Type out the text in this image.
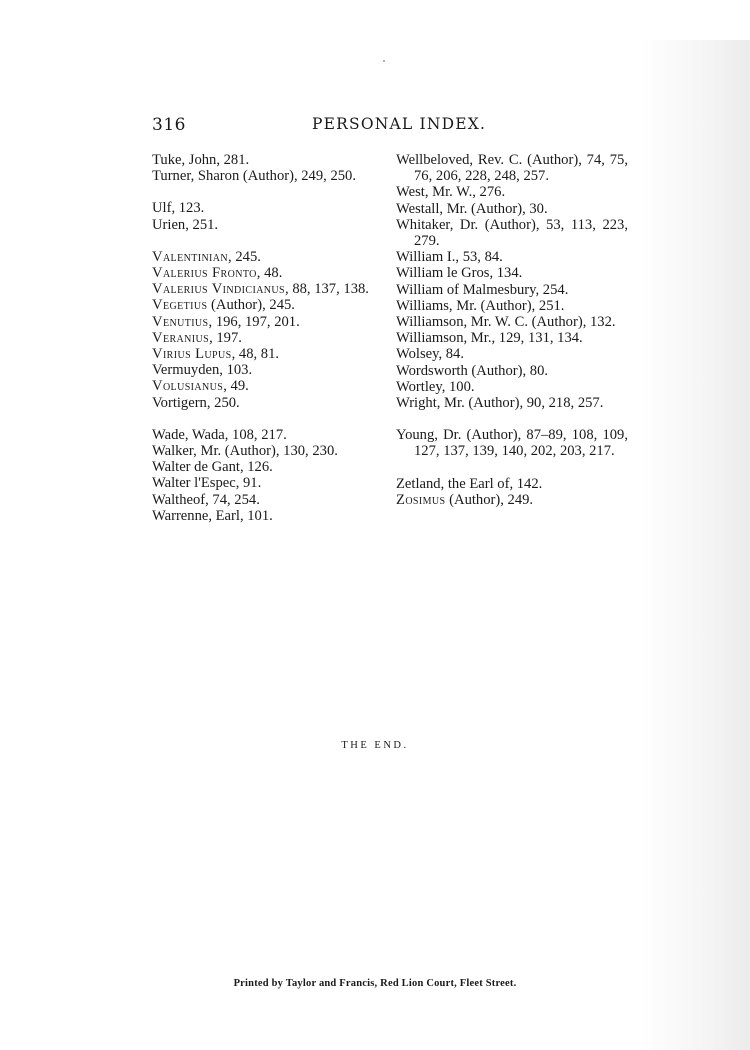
316	PERSONAL INDEX.
Tuke, John, 281.
Turner, Sharon (Author), 249, 250.
Ulf, 123.
Urien, 251.
Valentinian, 245.
Valerius Fronto, 48.
Valerius Vindicianus, 88, 137, 138.
Vegetius (Author), 245.
Venutius, 196, 197, 201.
Veranius, 197.
Virius Lupus, 48, 81.
Vermuyden, 103.
Volusianus, 49.
Vortigern, 250.
Wade, Wada, 108, 217.
Walker, Mr. (Author), 130, 230.
Walter de Gant, 126.
Walter l'Espec, 91.
Waltheof, 74, 254.
Warrenne, Earl, 101.
Wellbeloved, Rev. C. (Author), 74, 75, 76, 206, 228, 248, 257.
West, Mr. W., 276.
Westall, Mr. (Author), 30.
Whitaker, Dr. (Author), 53, 113, 223, 279.
William I., 53, 84.
William le Gros, 134.
William of Malmesbury, 254.
Williams, Mr. (Author), 251.
Williamson, Mr. W. C. (Author), 132.
Williamson, Mr., 129, 131, 134.
Wolsey, 84.
Wordsworth (Author), 80.
Wortley, 100.
Wright, Mr. (Author), 90, 218, 257.
Young, Dr. (Author), 87–89, 108, 109, 127, 137, 139, 140, 202, 203, 217.
Zetland, the Earl of, 142.
Zosimus (Author), 249.
THE END.
Printed by Taylor and Francis, Red Lion Court, Fleet Street.
